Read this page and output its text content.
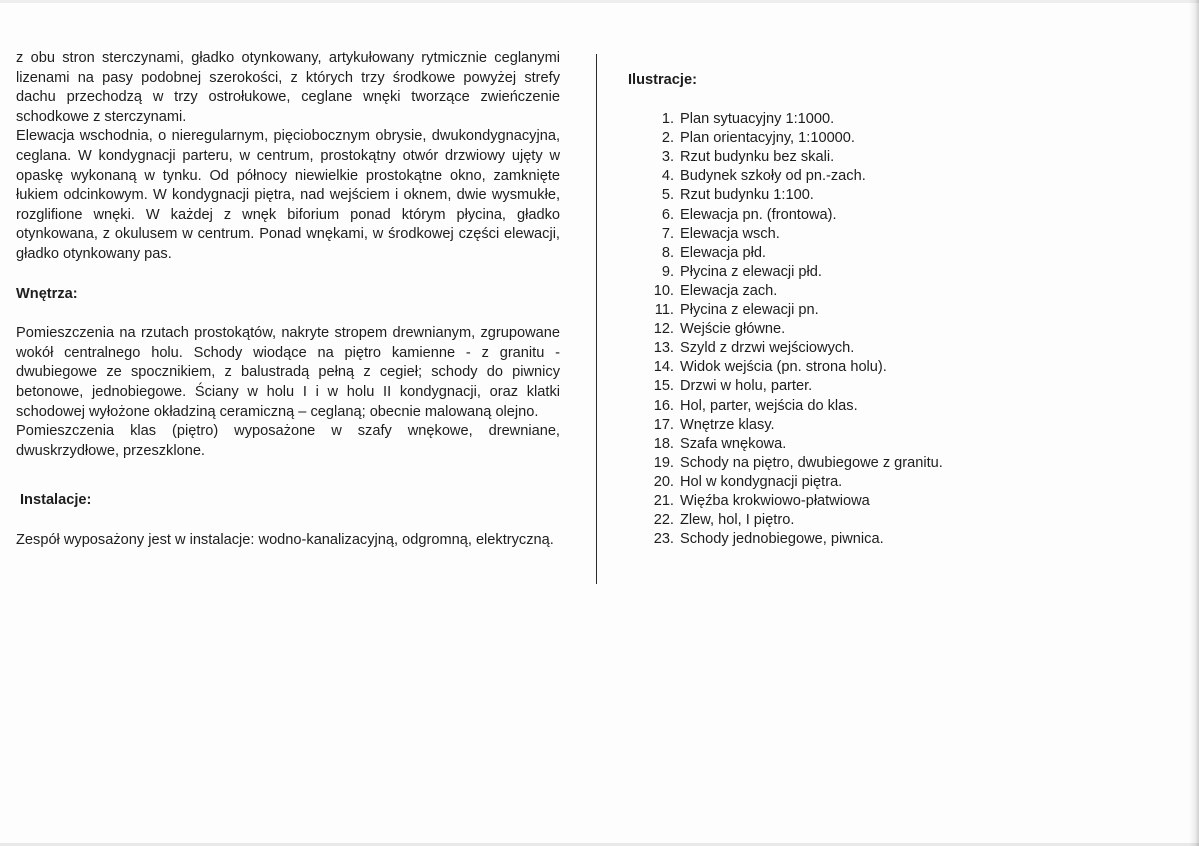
z obu stron sterczynami, gładko otynkowany, artykułowany rytmicznie ceglanymi lizenami na pasy podobnej szerokości, z których trzy środkowe powyżej strefy dachu przechodzą w trzy ostrołukowe, ceglane wnęki tworzące zwieńczenie schodkowe z sterczynami.

Elewacja wschodnia, o nieregularnym, pięciobocznym obrysie, dwukondygnacyjna, ceglana. W kondygnacji parteru, w centrum, prostokątny otwór drzwiowy ujęty w opaskę wykonaną w tynku. Od północy niewielkie prostokątne okno, zamknięte łukiem odcinkowym. W kondygnacji piętra, nad wejściem i oknem, dwie wysmukłe, rozglifione wnęki. W każdej z wnęk biforium ponad którym płycina, gładko otynkowana, z okulusem w centrum. Ponad wnękami, w środkowej części elewacji, gładko otynkowany pas.

Wnętrza:

Pomieszczenia na rzutach prostokątów, nakryte stropem drewnianym, zgrupowane wokół centralnego holu. Schody wiodące na piętro kamienne - z granitu - dwubiegowe ze spocznikiem, z balustradą pełną z cegieł; schody do piwnicy betonowe, jednobiegowe. Ściany w holu I i w holu II kondygnacji, oraz klatki schodowej wyłożone okładziną ceramiczną – ceglaną; obecnie malowaną olejno.

Pomieszczenia klas (piętro) wyposażone w szafy wnękowe, drewniane, dwuskrzydłowe, przeszklone.

Instalacje:

Zespół wyposażony jest w instalacje: wodno-kanalizacyjną, odgromną, elektryczną.

Ilustracje:

1. Plan sytuacyjny 1:1000.
2. Plan orientacyjny, 1:10000.
3. Rzut budynku bez skali.
4. Budynek szkoły od pn.-zach.
5. Rzut budynku 1:100.
6. Elewacja pn. (frontowa).
7. Elewacja wsch.
8. Elewacja płd.
9. Płycina z elewacji płd.
10. Elewacja zach.
11. Płycina z elewacji pn.
12. Wejście główne.
13. Szyld z drzwi wejściowych.
14. Widok wejścia (pn. strona holu).
15. Drzwi w holu, parter.
16. Hol, parter, wejścia do klas.
17. Wnętrze klasy.
18. Szafa wnękowa.
19. Schody na piętro, dwubiegowe z granitu.
20. Hol w kondygnacji piętra.
21. Więźba krokwiowo-płatwiowa
22. Zlew, hol, I piętro.
23. Schody jednobiegowe, piwnica.
